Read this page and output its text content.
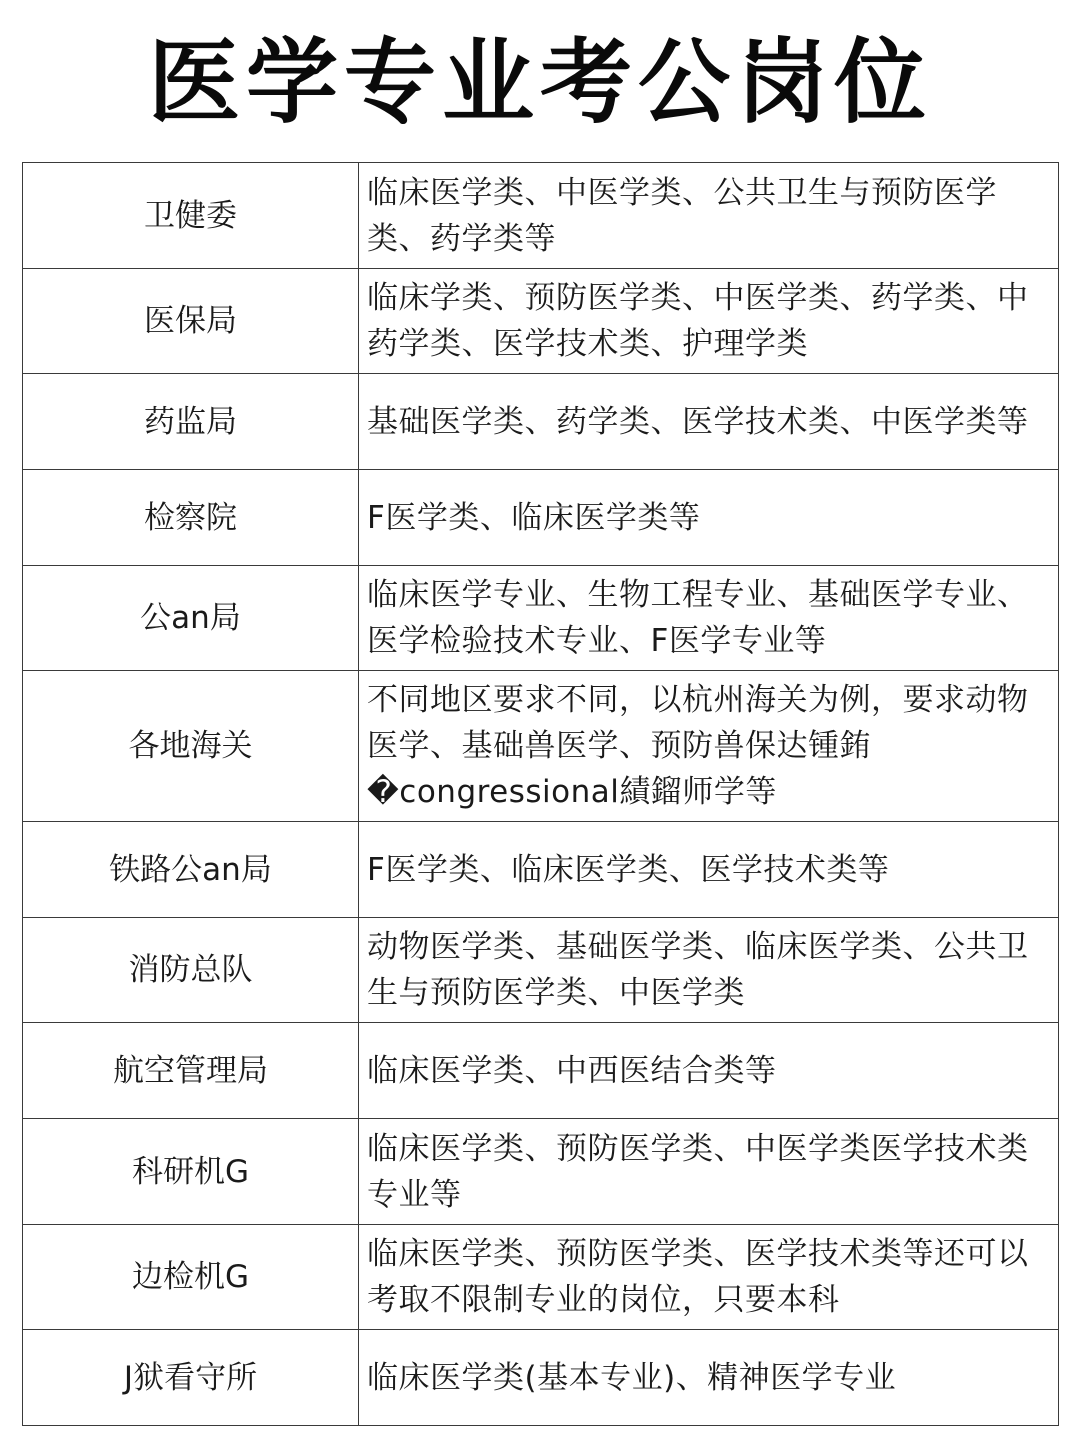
医学专业考公岗位
卫健委	临床医学类、中医学类、公共卫生与预防医学类、药学类等
医保局	临床学类、预防医学类、中医学类、药学类、中药学类、医学技术类、护理学类
药监局	基础医学类、药学类、医学技术类、中医学类等
检察院	F医学类、临床医学类等
公an局	临床医学专业、生物工程专业、基础医学专业、医学检验技术专业、F医学专业等
各地海关	不同地区要求不同，以杭州海关为例，要求动物医学、基础兽医学、预防兽保达锺銪�congressional績鎦师学等
铁路公an局	F医学类、临床医学类、医学技术类等
消防总队	动物医学类、基础医学类、临床医学类、公共卫生与预防医学类、中医学类
航空管理局	临床医学类、中西医结合类等
科研机G	临床医学类、预防医学类、中医学类医学技术类专业等
边检机G	临床医学类、预防医学类、医学技术类等还可以考取不限制专业的岗位，只要本科
J狱看守所	临床医学类(基本专业)、精神医学专业
